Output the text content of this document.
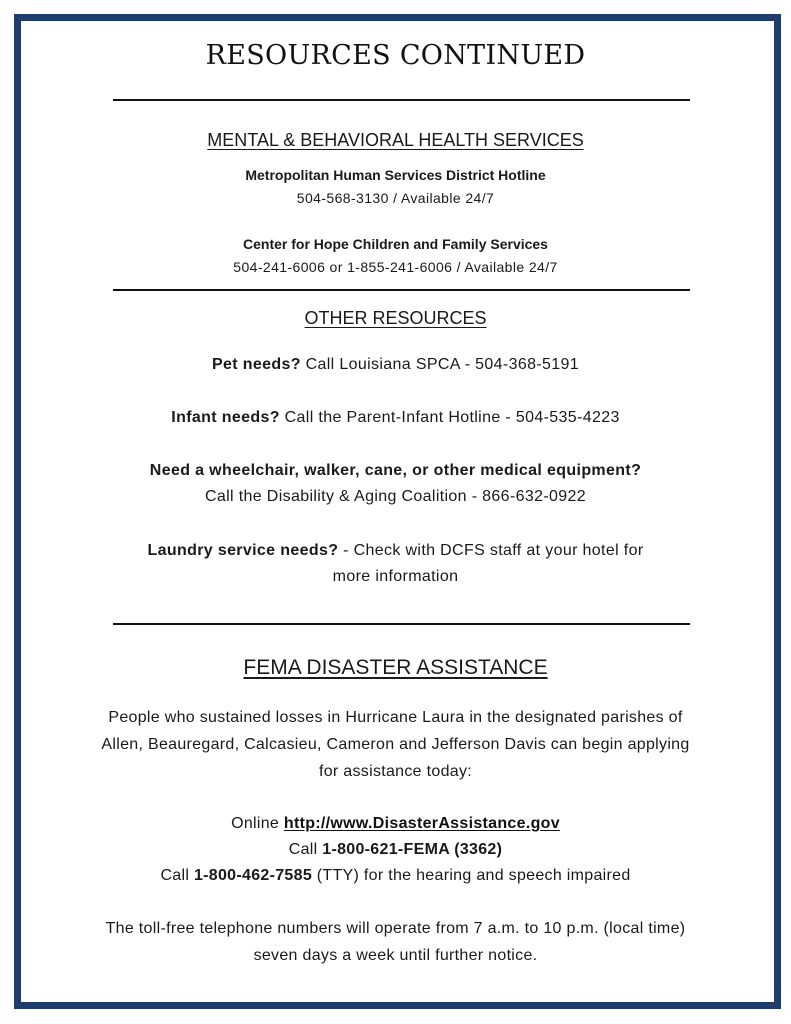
RESOURCES CONTINUED
MENTAL & BEHAVIORAL HEALTH SERVICES
Metropolitan Human Services District Hotline
504-568-3130 / Available 24/7
Center for Hope Children and Family Services
504-241-6006 or 1-855-241-6006 / Available 24/7
OTHER RESOURCES
Pet needs? Call Louisiana SPCA - 504-368-5191
Infant needs? Call the Parent-Infant Hotline - 504-535-4223
Need a wheelchair, walker, cane, or other medical equipment?
Call the Disability & Aging Coalition - 866-632-0922
Laundry service needs? - Check with DCFS staff at your hotel for
more information
FEMA DISASTER ASSISTANCE
People who sustained losses in Hurricane Laura in the designated parishes of
Allen, Beauregard, Calcasieu, Cameron and Jefferson Davis can begin applying
for assistance today:
Online http://www.DisasterAssistance.gov
Call 1-800-621-FEMA (3362)
Call 1-800-462-7585 (TTY) for the hearing and speech impaired
The toll-free telephone numbers will operate from 7 a.m. to 10 p.m. (local time)
seven days a week until further notice.
